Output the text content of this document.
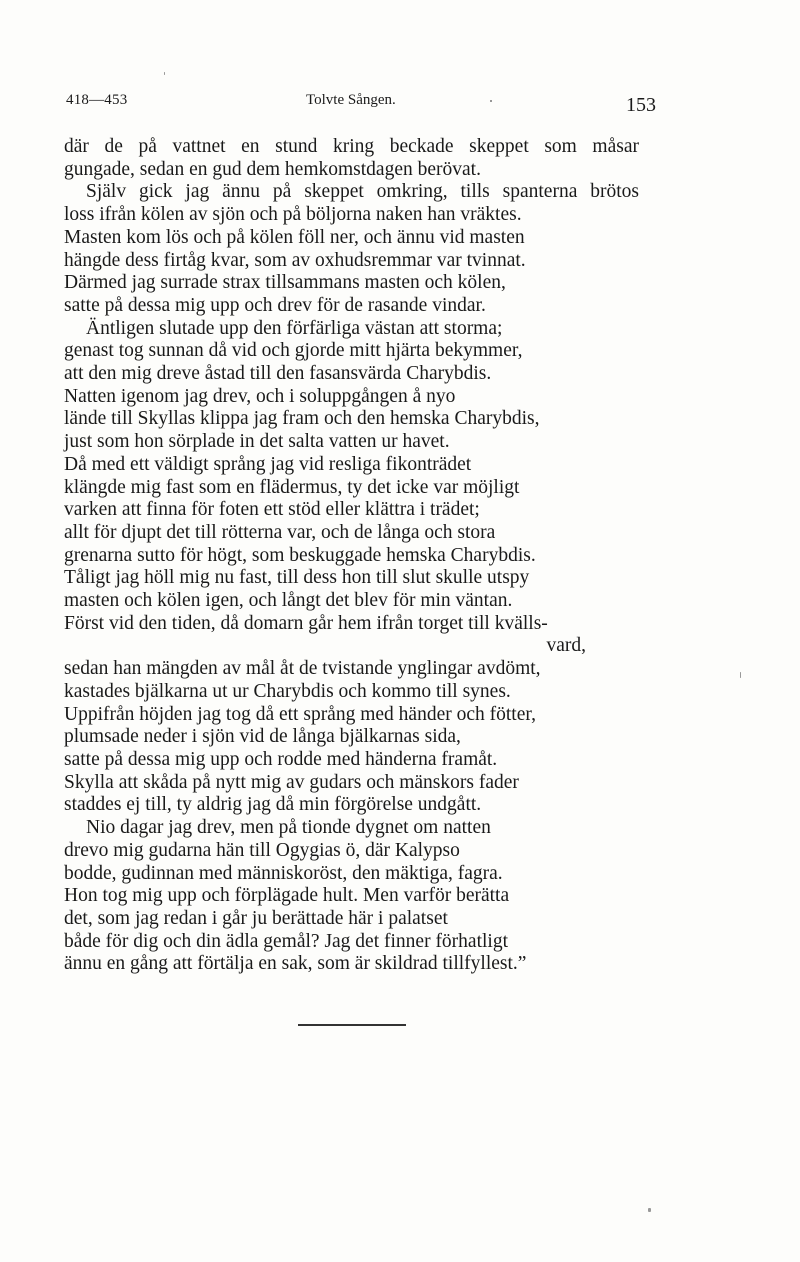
418—453	Tolvte Sången.	153
där de på vattnet en stund kring beckade skeppet som måsar
gungade, sedan en gud dem hemkomstdagen berövat.
Själv gick jag ännu på skeppet omkring, tills spanterna brötos
loss ifrån kölen av sjön och på böljorna naken han vräktes.
Masten kom lös och på kölen föll ner, och ännu vid masten
hängde dess firtåg kvar, som av oxhudsremmar var tvinnat.
Därmed jag surrade strax tillsammans masten och kölen,
satte på dessa mig upp och drev för de rasande vindar.
Äntligen slutade upp den förfärliga västan att storma;
genast tog sunnan då vid och gjorde mitt hjärta bekymmer,
att den mig dreve åstad till den fasansvärda Charybdis.
Natten igenom jag drev, och i soluppgången å nyo
lände till Skyllas klippa jag fram och den hemska Charybdis,
just som hon sörplade in det salta vatten ur havet.
Då med ett väldigt språng jag vid resliga fikonträdet
klängde mig fast som en flädermus, ty det icke var möjligt
varken att finna för foten ett stöd eller klättra i trädet;
allt för djupt det till rötterna var, och de långa och stora
grenarna sutto för högt, som beskuggade hemska Charybdis.
Tåligt jag höll mig nu fast, till dess hon till slut skulle utspy
masten och kölen igen, och långt det blev för min väntan.
Först vid den tiden, då domarn går hem ifrån torget till kvälls-
vard,
sedan han mängden av mål åt de tvistande ynglingar avdömt,
kastades bjälkarna ut ur Charybdis och kommo till synes.
Uppifrån höjden jag tog då ett språng med händer och fötter,
plumsade neder i sjön vid de långa bjälkarnas sida,
satte på dessa mig upp och rodde med händerna framåt.
Skylla att skåda på nytt mig av gudars och mänskors fader
staddes ej till, ty aldrig jag då min förgörelse undgått.
Nio dagar jag drev, men på tionde dygnet om natten
drevo mig gudarna hän till Ogygias ö, där Kalypso
bodde, gudinnan med människoröst, den mäktiga, fagra.
Hon tog mig upp och förplägade hult. Men varför berätta
det, som jag redan i går ju berättade här i palatset
både för dig och din ädla gemål? Jag det finner förhatligt
ännu en gång att förtälja en sak, som är skildrad tillfyllest.”
